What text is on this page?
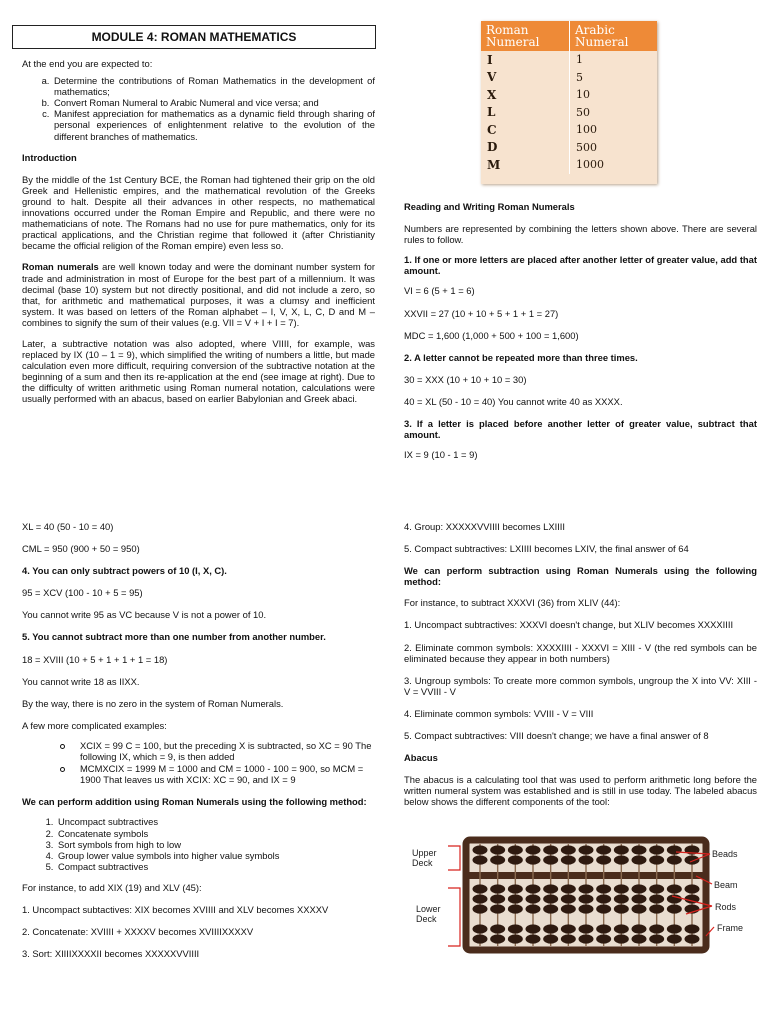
MODULE 4: ROMAN MATHEMATICS

At the end you are expected to:

a. Determine the contributions of Roman Mathematics in the development of mathematics;
b. Convert Roman Numeral to Arabic Numeral and vice versa; and
c. Manifest appreciation for mathematics as a dynamic field through sharing of personal experiences of enlightenment relative to the evolution of the different branches of mathematics.

Introduction

By the middle of the 1st Century BCE, the Roman had tightened their grip on the old Greek and Hellenistic empires, and the mathematical revolution of the Greeks ground to halt. Despite all their advances in other respects, no mathematical innovations occurred under the Roman Empire and Republic, and there were no mathematicians of note. The Romans had no use for pure mathematics, only for its practical applications, and the Christian regime that followed it (after Christianity became the official religion of the Roman empire) even less so.

Roman numerals are well known today and were the dominant number system for trade and administration in most of Europe for the best part of a millennium. It was decimal (base 10) system but not directly positional, and did not include a zero, so that, for arithmetic and mathematical purposes, it was a clumsy and inefficient system. It was based on letters of the Roman alphabet – I, V, X, L, C, D and M – combines to signify the sum of their values (e.g. VII = V + I + I = 7).

Later, a subtractive notation was also adopted, where VIIII, for example, was replaced by IX (10 – 1 = 9), which simplified the writing of numbers a little, but made calculation even more difficult, requiring conversion of the subtractive notation at the beginning of a sum and then its re-application at the end (see image at right). Due to the difficulty of written arithmetic using Roman numeral notation, calculations were usually performed with an abacus, based on earlier Babylonian and Greek abaci.

Roman Numeral	Arabic Numeral
I	1
V	5
X	10
L	50
C	100
D	500
M	1000

Reading and Writing Roman Numerals

Numbers are represented by combining the letters shown above. There are several rules to follow.

1. If one or more letters are placed after another letter of greater value, add that amount.

VI = 6 (5 + 1 = 6)

XXVII = 27 (10 + 10 + 5 + 1 + 1 = 27)

MDC = 1,600 (1,000 + 500 + 100 = 1,600)

2. A letter cannot be repeated more than three times.

30 = XXX (10 + 10 + 10 = 30)

40 = XL (50 - 10 = 40) You cannot write 40 as XXXX.

3. If a letter is placed before another letter of greater value, subtract that amount.

IX = 9 (10 - 1 = 9)

XL = 40 (50 - 10 = 40)

CML = 950 (900 + 50 = 950)

4. You can only subtract powers of 10 (I, X, C).

95 = XCV (100 - 10 + 5 = 95)

You cannot write 95 as VC because V is not a power of 10.

5. You cannot subtract more than one number from another number.

18 = XVIII (10 + 5 + 1 + 1 + 1 = 18)

You cannot write 18 as IIXX.

By the way, there is no zero in the system of Roman Numerals.

A few more complicated examples:

XCIX = 99 C = 100, but the preceding X is subtracted, so XC = 90 The following IX, which = 9, is then added
MCMXCIX = 1999 M = 1000 and CM = 1000 - 100 = 900, so MCM = 1900 That leaves us with XCIX: XC = 90, and IX = 9

We can perform addition using Roman Numerals using the following method:

1. Uncompact subtractives
2. Concatenate symbols
3. Sort symbols from high to low
4. Group lower value symbols into higher value symbols
5. Compact subtractives

For instance, to add XIX (19) and XLV (45):

1. Uncompact subtactives: XIX becomes XVIIII and XLV becomes XXXXV

2. Concatenate: XVIIII + XXXXV becomes XVIIIIXXXXV

3. Sort: XIIIIXXXXII becomes XXXXXVVIIII

4. Group: XXXXXVVIIII becomes LXIIII

5. Compact subtractives: LXIIII becomes LXIV, the final answer of 64

We can perform subtraction using Roman Numerals using the following method:

For instance, to subtract XXXVI (36) from XLIV (44):

1. Uncompact subtractives: XXXVI doesn't change, but XLIV becomes XXXXIIII

2. Eliminate common symbols: XXXXIIII - XXXVI = XIII - V (the red symbols can be eliminated because they appear in both numbers)

3. Ungroup symbols: To create more common symbols, ungroup the X into VV: XIII - V = VVIII - V

4. Eliminate common symbols: VVIII - V = VIII

5. Compact subtractives: VIII doesn't change; we have a final answer of 8

Abacus

The abacus is a calculating tool that was used to perform arithmetic long before the written numeral system was established and is still in use today. The labeled abacus below shows the different components of the tool:

Upper
Deck
Lower
Deck
Beads
Beam
Rods
Frame
